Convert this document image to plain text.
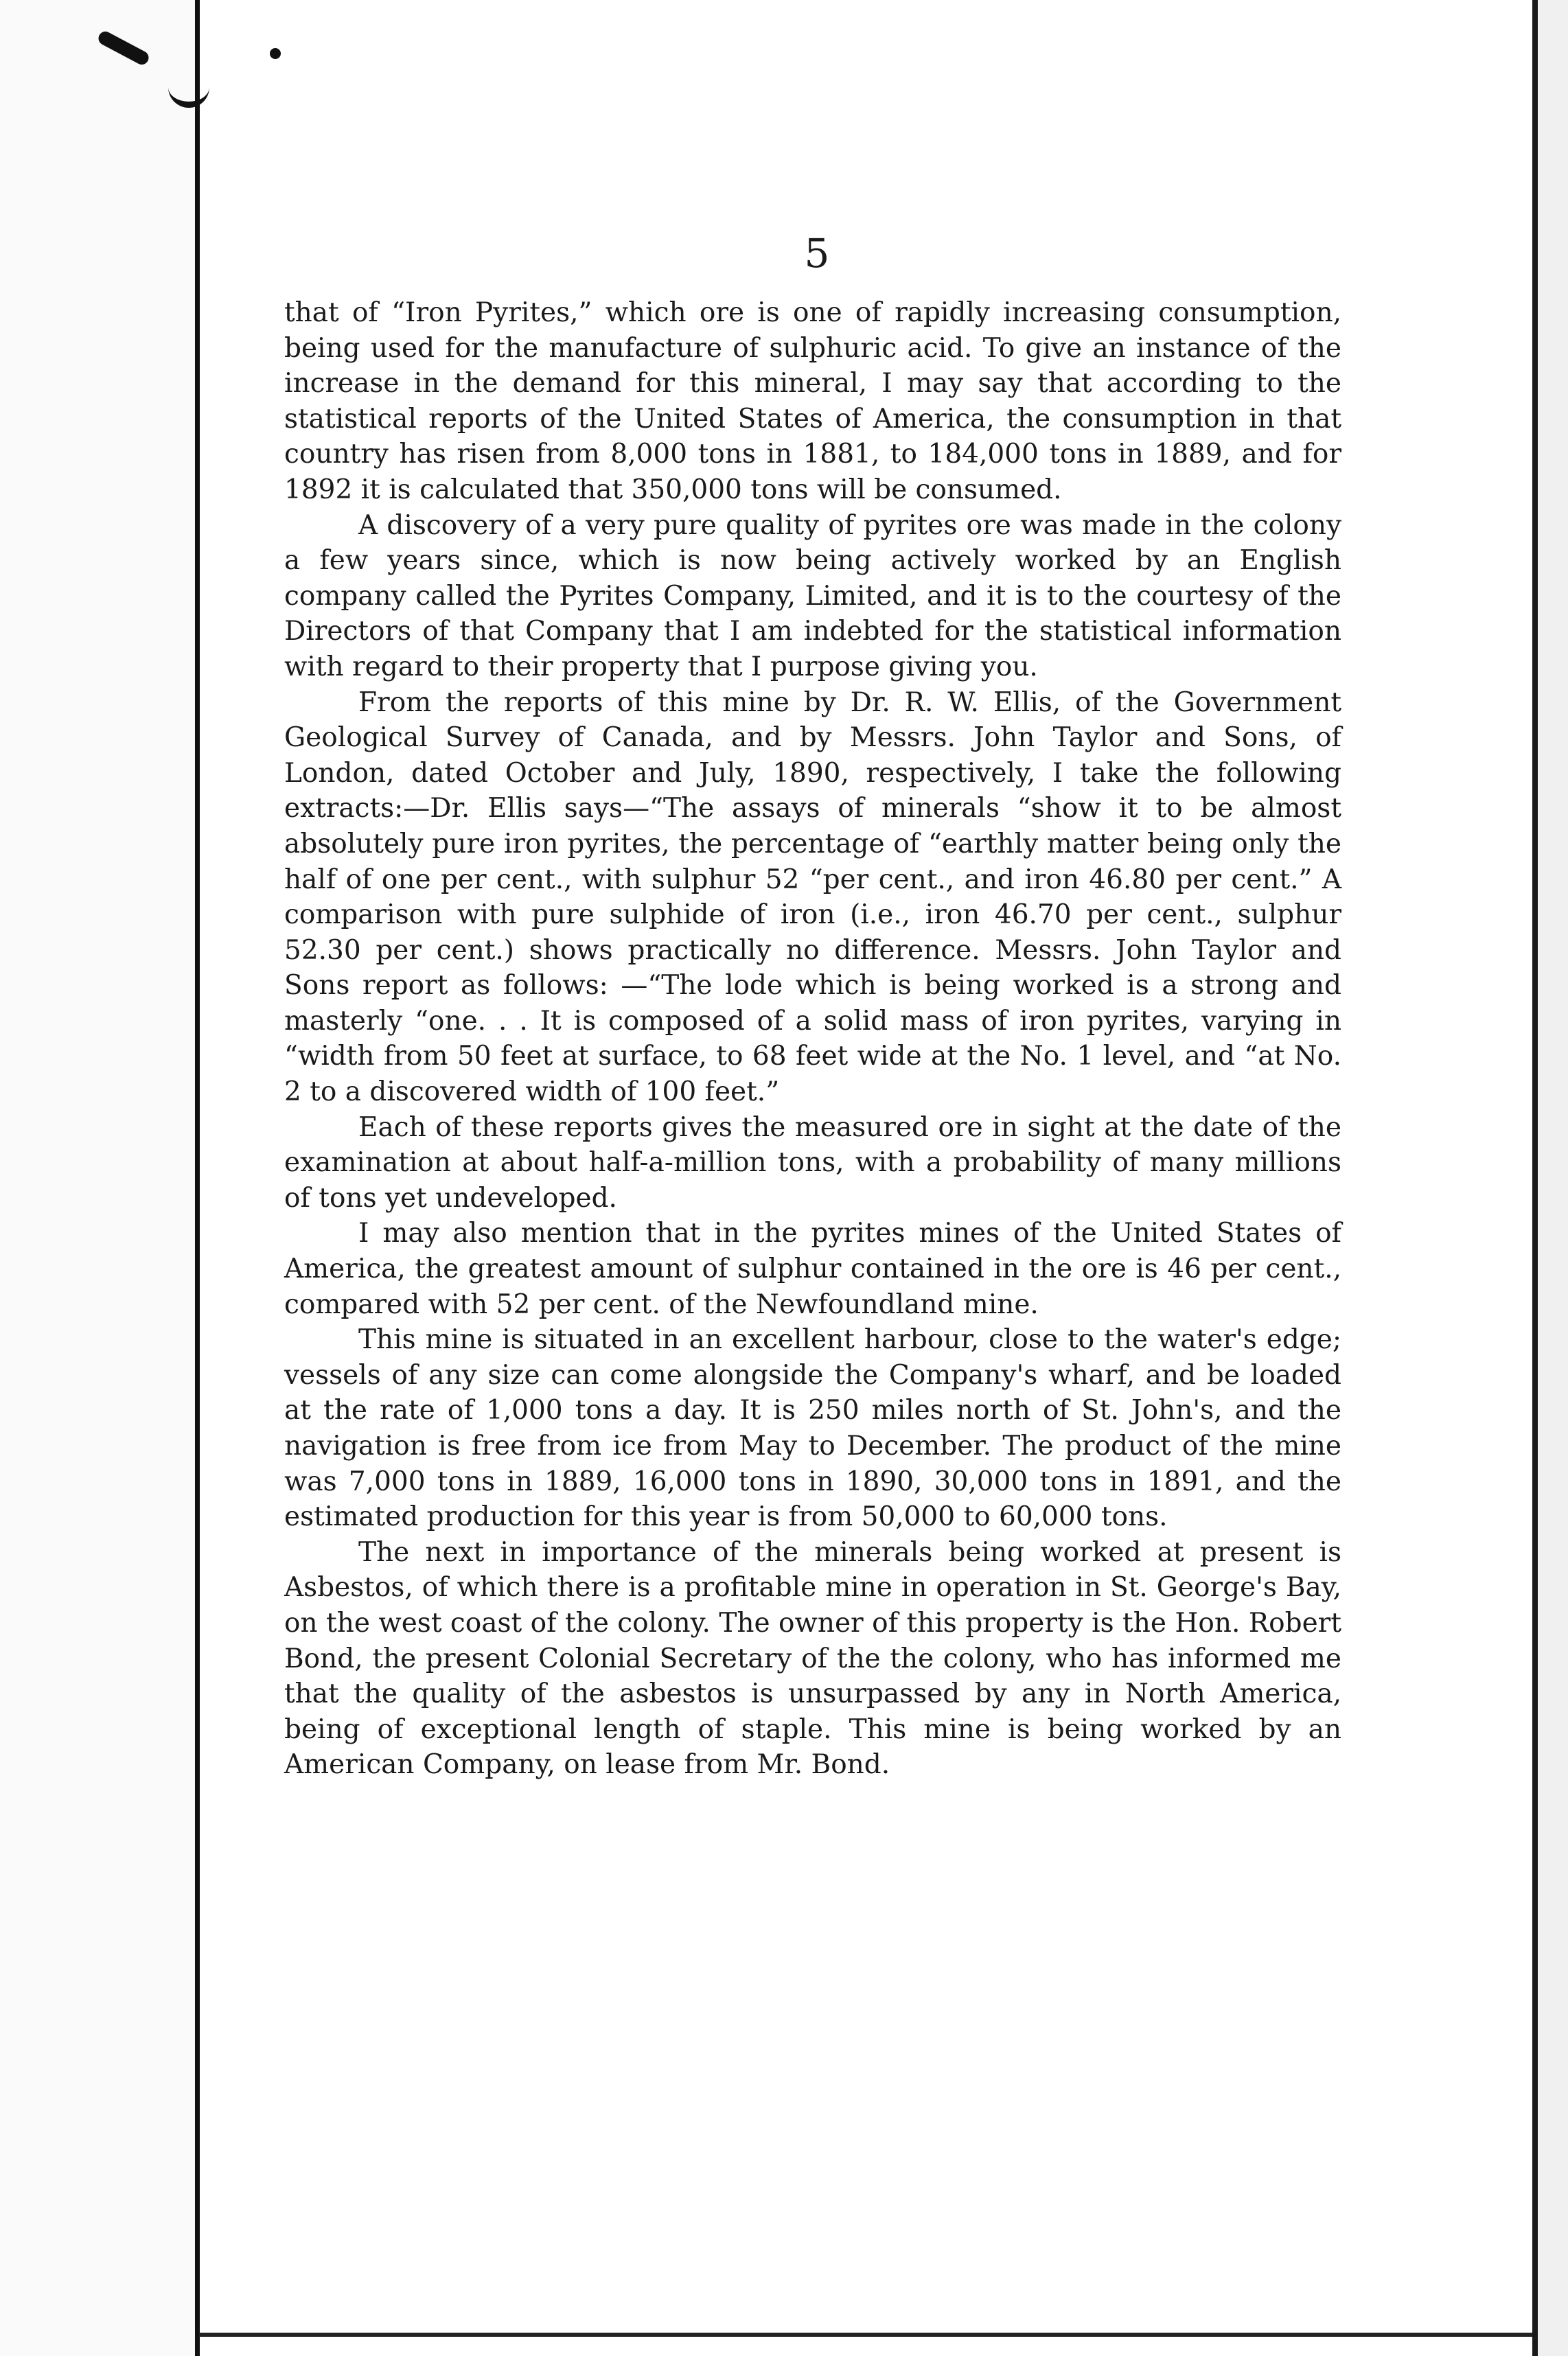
5

that of “Iron Pyrites,” which ore is one of rapidly increasing consumption, being used for the manufacture of sulphuric acid. To give an instance of the increase in the demand for this mineral, I may say that according to the statistical reports of the United States of America, the consumption in that country has risen from 8,000 tons in 1881, to 184,000 tons in 1889, and for 1892 it is calculated that 350,000 tons will be consumed.

A discovery of a very pure quality of pyrites ore was made in the colony a few years since, which is now being actively worked by an English company called the Pyrites Company, Limited, and it is to the courtesy of the Directors of that Company that I am indebted for the statistical information with regard to their property that I purpose giving you.

From the reports of this mine by Dr. R. W. Ellis, of the Government Geological Survey of Canada, and by Messrs. John Taylor and Sons, of London, dated October and July, 1890, respectively, I take the following extracts:—Dr. Ellis says—“The assays of minerals “show it to be almost absolutely pure iron pyrites, the percentage of “earthly matter being only the half of one per cent., with sulphur 52 “per cent., and iron 46.80 per cent.” A comparison with pure sulphide of iron (i.e., iron 46.70 per cent., sulphur 52.30 per cent.) shows practically no difference. Messrs. John Taylor and Sons report as follows: —“The lode which is being worked is a strong and masterly “one. . . It is composed of a solid mass of iron pyrites, varying in “width from 50 feet at surface, to 68 feet wide at the No. 1 level, and “at No. 2 to a discovered width of 100 feet.”

Each of these reports gives the measured ore in sight at the date of the examination at about half-a-million tons, with a probability of many millions of tons yet undeveloped.

I may also mention that in the pyrites mines of the United States of America, the greatest amount of sulphur contained in the ore is 46 per cent., compared with 52 per cent. of the Newfoundland mine.

This mine is situated in an excellent harbour, close to the water's edge; vessels of any size can come alongside the Company's wharf, and be loaded at the rate of 1,000 tons a day. It is 250 miles north of St. John's, and the navigation is free from ice from May to December. The product of the mine was 7,000 tons in 1889, 16,000 tons in 1890, 30,000 tons in 1891, and the estimated production for this year is from 50,000 to 60,000 tons.

The next in importance of the minerals being worked at present is Asbestos, of which there is a profitable mine in operation in St. George's Bay, on the west coast of the colony. The owner of this property is the Hon. Robert Bond, the present Colonial Secretary of the the colony, who has informed me that the quality of the asbestos is unsurpassed by any in North America, being of exceptional length of staple. This mine is being worked by an American Company, on lease from Mr. Bond.
